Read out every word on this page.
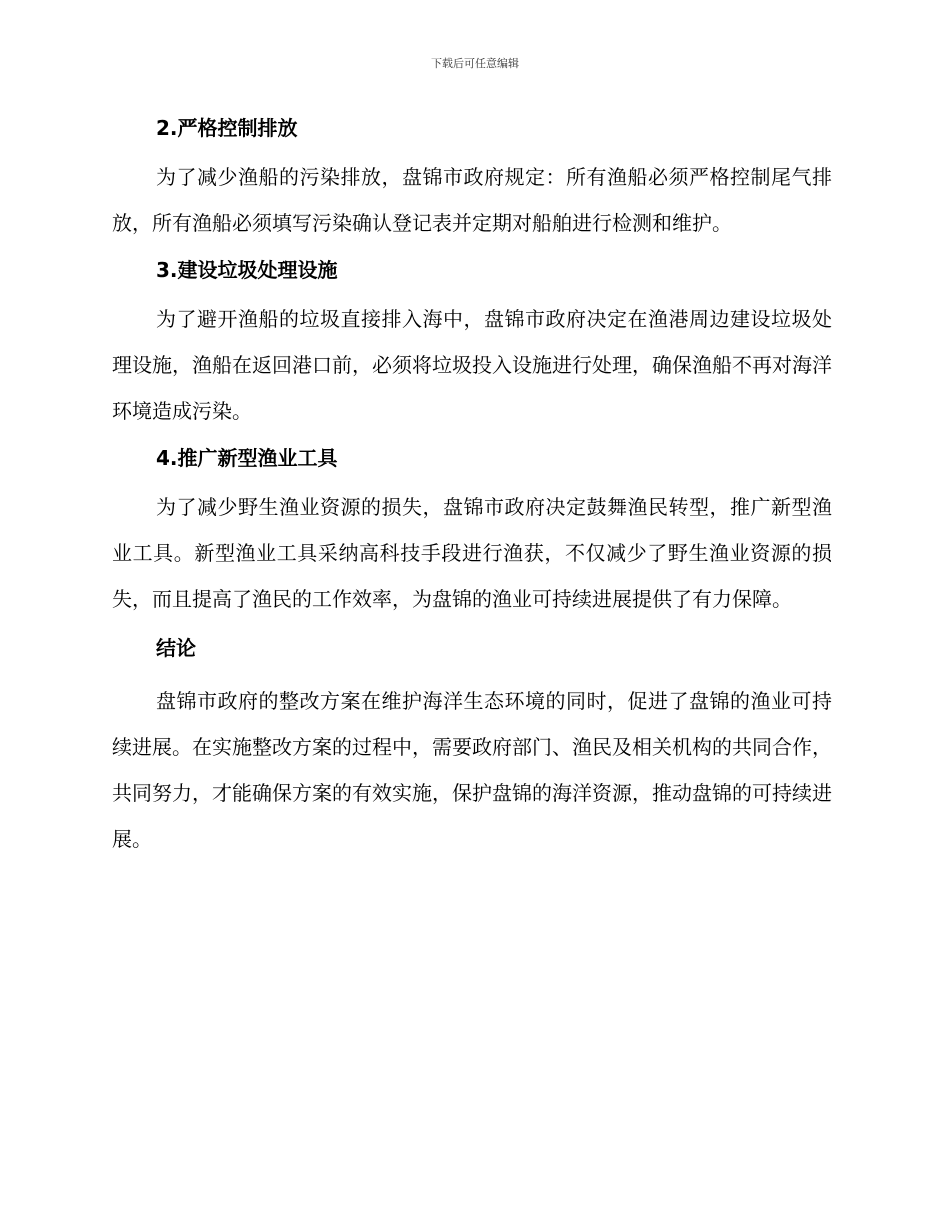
下载后可任意编辑
2.严格控制排放

为了减少渔船的污染排放，盘锦市政府规定：所有渔船必须严格控制尾气排放，所有渔船必须填写污染确认登记表并定期对船舶进行检测和维护。

3.建设垃圾处理设施

为了避开渔船的垃圾直接排入海中，盘锦市政府决定在渔港周边建设垃圾处理设施，渔船在返回港口前，必须将垃圾投入设施进行处理，确保渔船不再对海洋环境造成污染。

4.推广新型渔业工具

为了减少野生渔业资源的损失，盘锦市政府决定鼓舞渔民转型，推广新型渔业工具。新型渔业工具采纳高科技手段进行渔获，不仅减少了野生渔业资源的损失，而且提高了渔民的工作效率，为盘锦的渔业可持续进展提供了有力保障。

结论

盘锦市政府的整改方案在维护海洋生态环境的同时，促进了盘锦的渔业可持续进展。在实施整改方案的过程中，需要政府部门、渔民及相关机构的共同合作，共同努力，才能确保方案的有效实施，保护盘锦的海洋资源，推动盘锦的可持续进展。
